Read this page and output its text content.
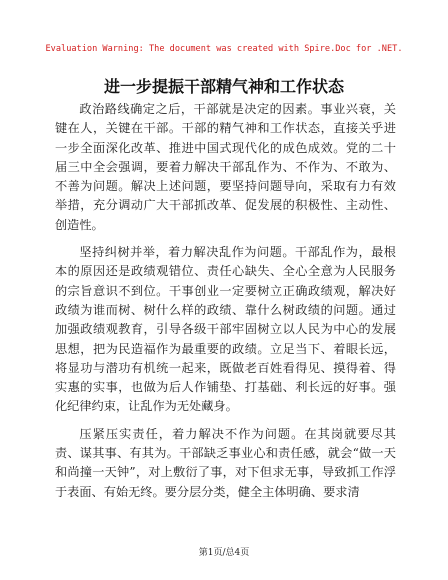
Evaluation Warning: The document was created with Spire.Doc for .NET.
进一步提振干部精气神和工作状态

政治路线确定之后，干部就是决定的因素。事业兴衰，关键在人，关键在干部。干部的精气神和工作状态，直接关乎进一步全面深化改革、推进中国式现代化的成色成效。党的二十届三中全会强调，要着力解决干部乱作为、不作为、不敢为、不善为问题。解决上述问题，要坚持问题导向，采取有力有效举措，充分调动广大干部抓改革、促发展的积极性、主动性、创造性。

坚持纠树并举，着力解决乱作为问题。干部乱作为，最根本的原因还是政绩观错位、责任心缺失、全心全意为人民服务的宗旨意识不到位。干事创业一定要树立正确政绩观，解决好政绩为谁而树、树什么样的政绩、靠什么树政绩的问题。通过加强政绩观教育，引导各级干部牢固树立以人民为中心的发展思想，把为民造福作为最重要的政绩。立足当下、着眼长远，将显功与潜功有机统一起来，既做老百姓看得见、摸得着、得实惠的实事，也做为后人作铺垫、打基础、利长远的好事。强化纪律约束，让乱作为无处藏身。

压紧压实责任，着力解决不作为问题。在其岗就要尽其责、谋其事、有其为。干部缺乏事业心和责任感，就会“做一天和尚撞一天钟”，对上敷衍了事，对下但求无事，导致抓工作浮于表面、有始无终。要分层分类，健全主体明确、要求清

第1页/总4页
